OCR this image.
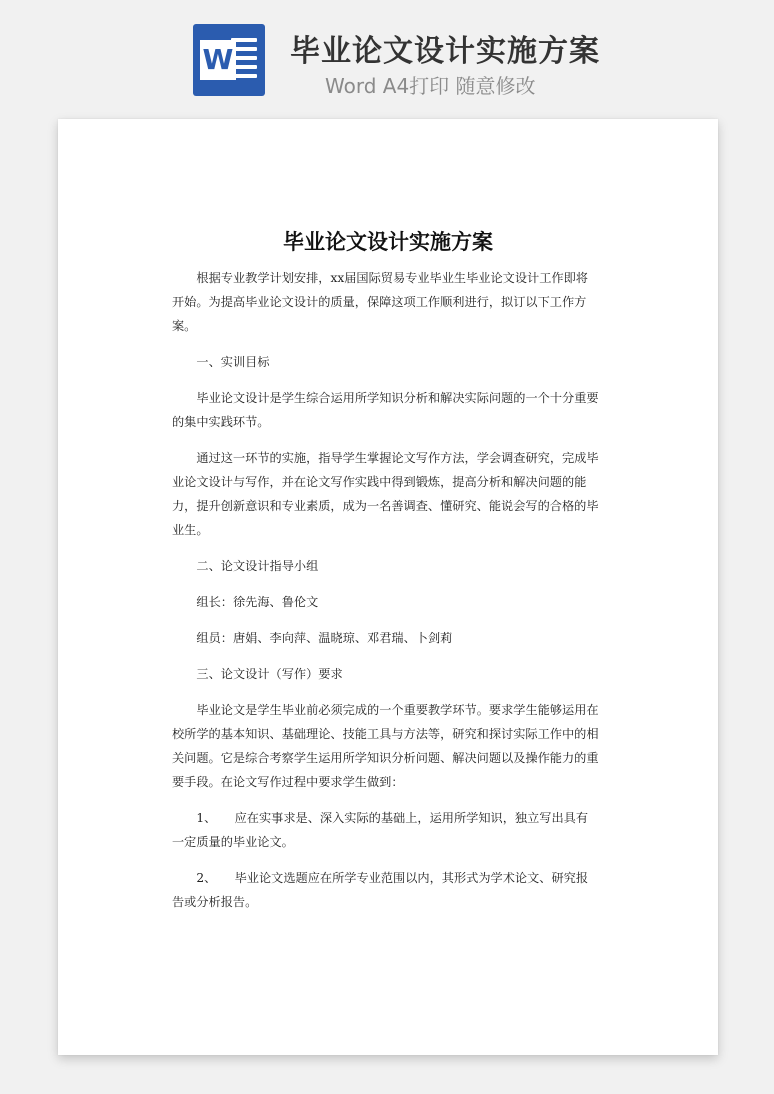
W 毕业论文设计实施方案
Word A4打印 随意修改
毕业论文设计实施方案

根据专业教学计划安排，xx届国际贸易专业毕业生毕业论文设计工作即将开始。为提高毕业论文设计的质量，保障这项工作顺利进行，拟订以下工作方案。

一、实训目标

毕业论文设计是学生综合运用所学知识分析和解决实际问题的一个十分重要的集中实践环节。

通过这一环节的实施，指导学生掌握论文写作方法，学会调查研究，完成毕业论文设计与写作，并在论文写作实践中得到锻炼，提高分析和解决问题的能力，提升创新意识和专业素质，成为一名善调查、懂研究、能说会写的合格的毕业生。

二、论文设计指导小组

组长：徐先海、鲁伦文

组员：唐娟、李向萍、温晓琼、邓君瑞、卜剑莉

三、论文设计（写作）要求

毕业论文是学生毕业前必须完成的一个重要教学环节。要求学生能够运用在校所学的基本知识、基础理论、技能工具与方法等，研究和探讨实际工作中的相关问题。它是综合考察学生运用所学知识分析问题、解决问题以及操作能力的重要手段。在论文写作过程中要求学生做到：

1、　　应在实事求是、深入实际的基础上，运用所学知识，独立写出具有一定质量的毕业论文。

2、　　毕业论文选题应在所学专业范围以内，其形式为学术论文、研究报告或分析报告。
